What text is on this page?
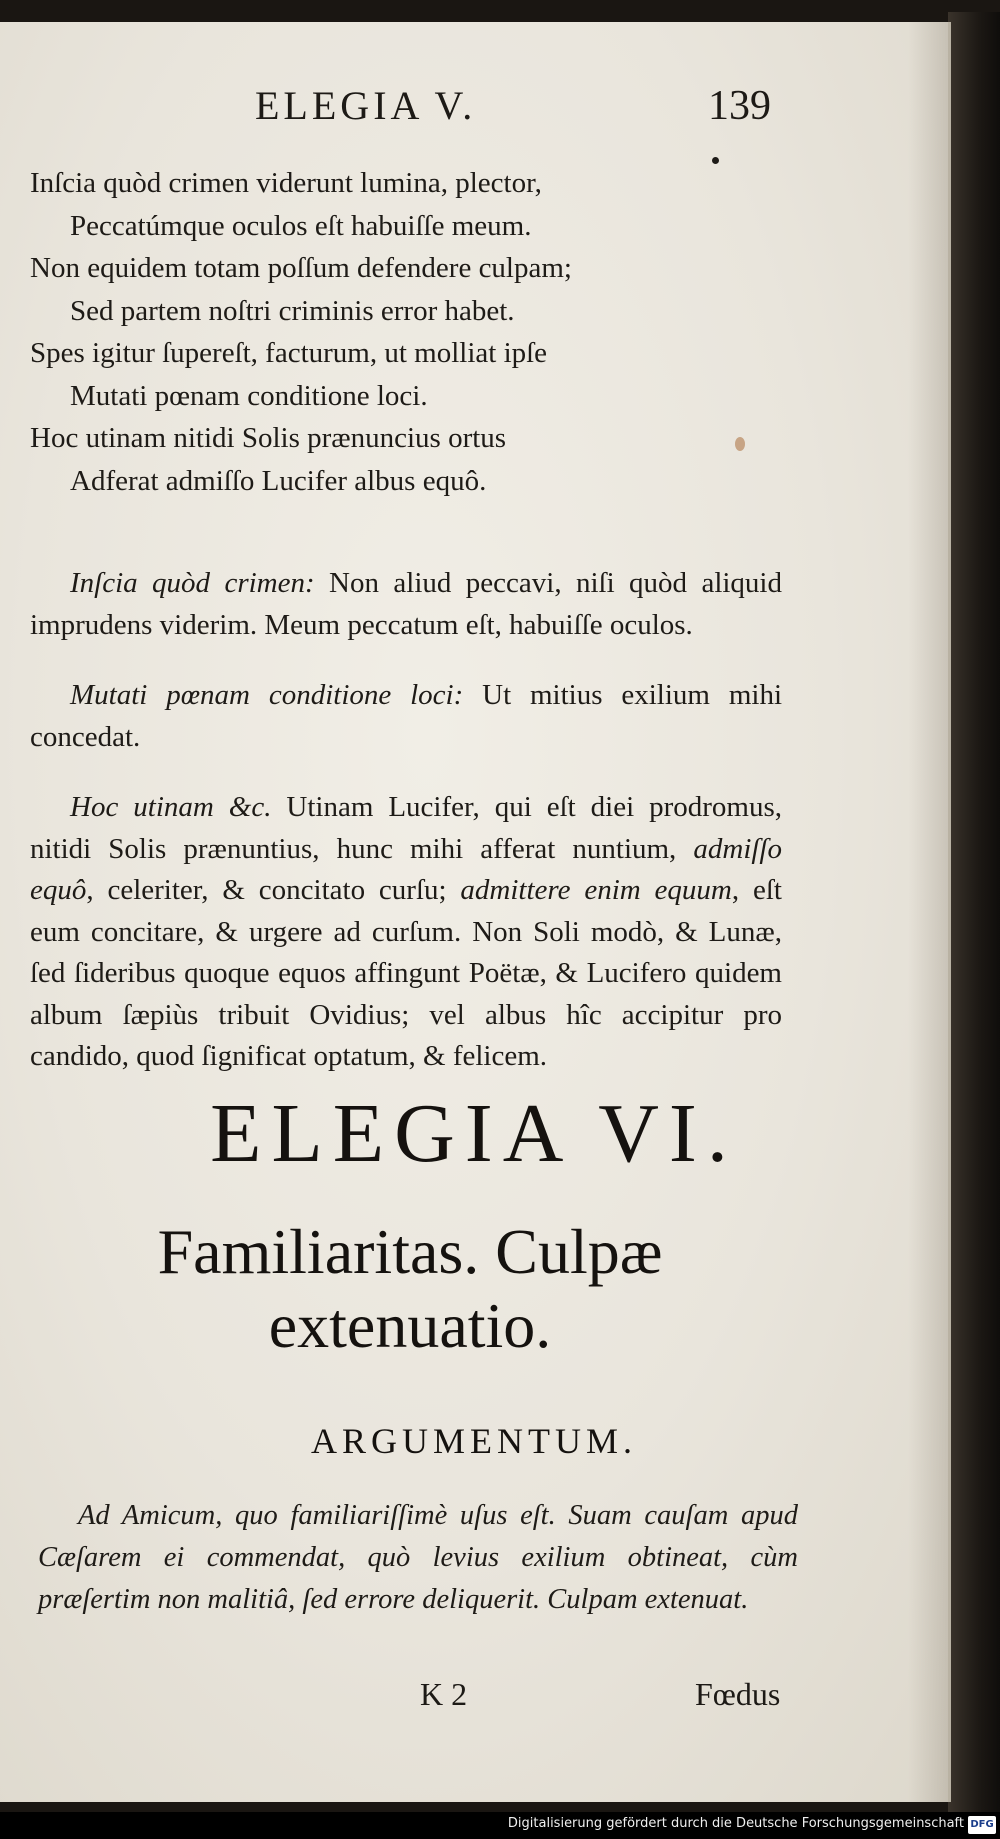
ELEGIA V.	139
Inſcia quòd crimen viderunt lumina, plector,
Peccatúmque oculos eſt habuiſſe meum.
Non equidem totam poſſum defendere culpam;
Sed partem noſtri criminis error habet.
Spes igitur ſupereſt, facturum, ut molliat ipſe
Mutati pœnam conditione loci.
Hoc utinam nitidi Solis prænuncius ortus
Adferat admiſſo Lucifer albus equô.

Inſcia quòd crimen: Non aliud peccavi, niſi quòd aliquid imprudens viderim. Meum peccatum eſt, habuiſſe oculos.

Mutati pœnam conditione loci: Ut mitius exilium mihi concedat.

Hoc utinam &c. Utinam Lucifer, qui eſt diei prodromus, nitidi Solis prænuntius, hunc mihi afferat nuntium, admiſſo equô, celeriter, & concitato curſu; admittere enim equum, eſt eum concitare, & urgere ad curſum. Non Soli modò, & Lunæ, ſed ſideribus quoque equos affingunt Poëtæ, & Lucifero quidem album ſæpiùs tribuit Ovidius; vel albus hîc accipitur pro candido, quod ſignificat optatum, & felicem.

ELEGIA VI.
Familiaritas. Culpæ extenuatio.
ARGUMENTUM.
Ad Amicum, quo familiariſſimè uſus eſt. Suam cauſam apud Cæſarem ei commendat, quò levius exilium obtineat, cùm præſertim non malitiâ, ſed errore deliquerit. Culpam extenuat.
K 2	Fœdus
Digitalisierung gefördert durch die Deutsche Forschungsgemeinschaft DFG
